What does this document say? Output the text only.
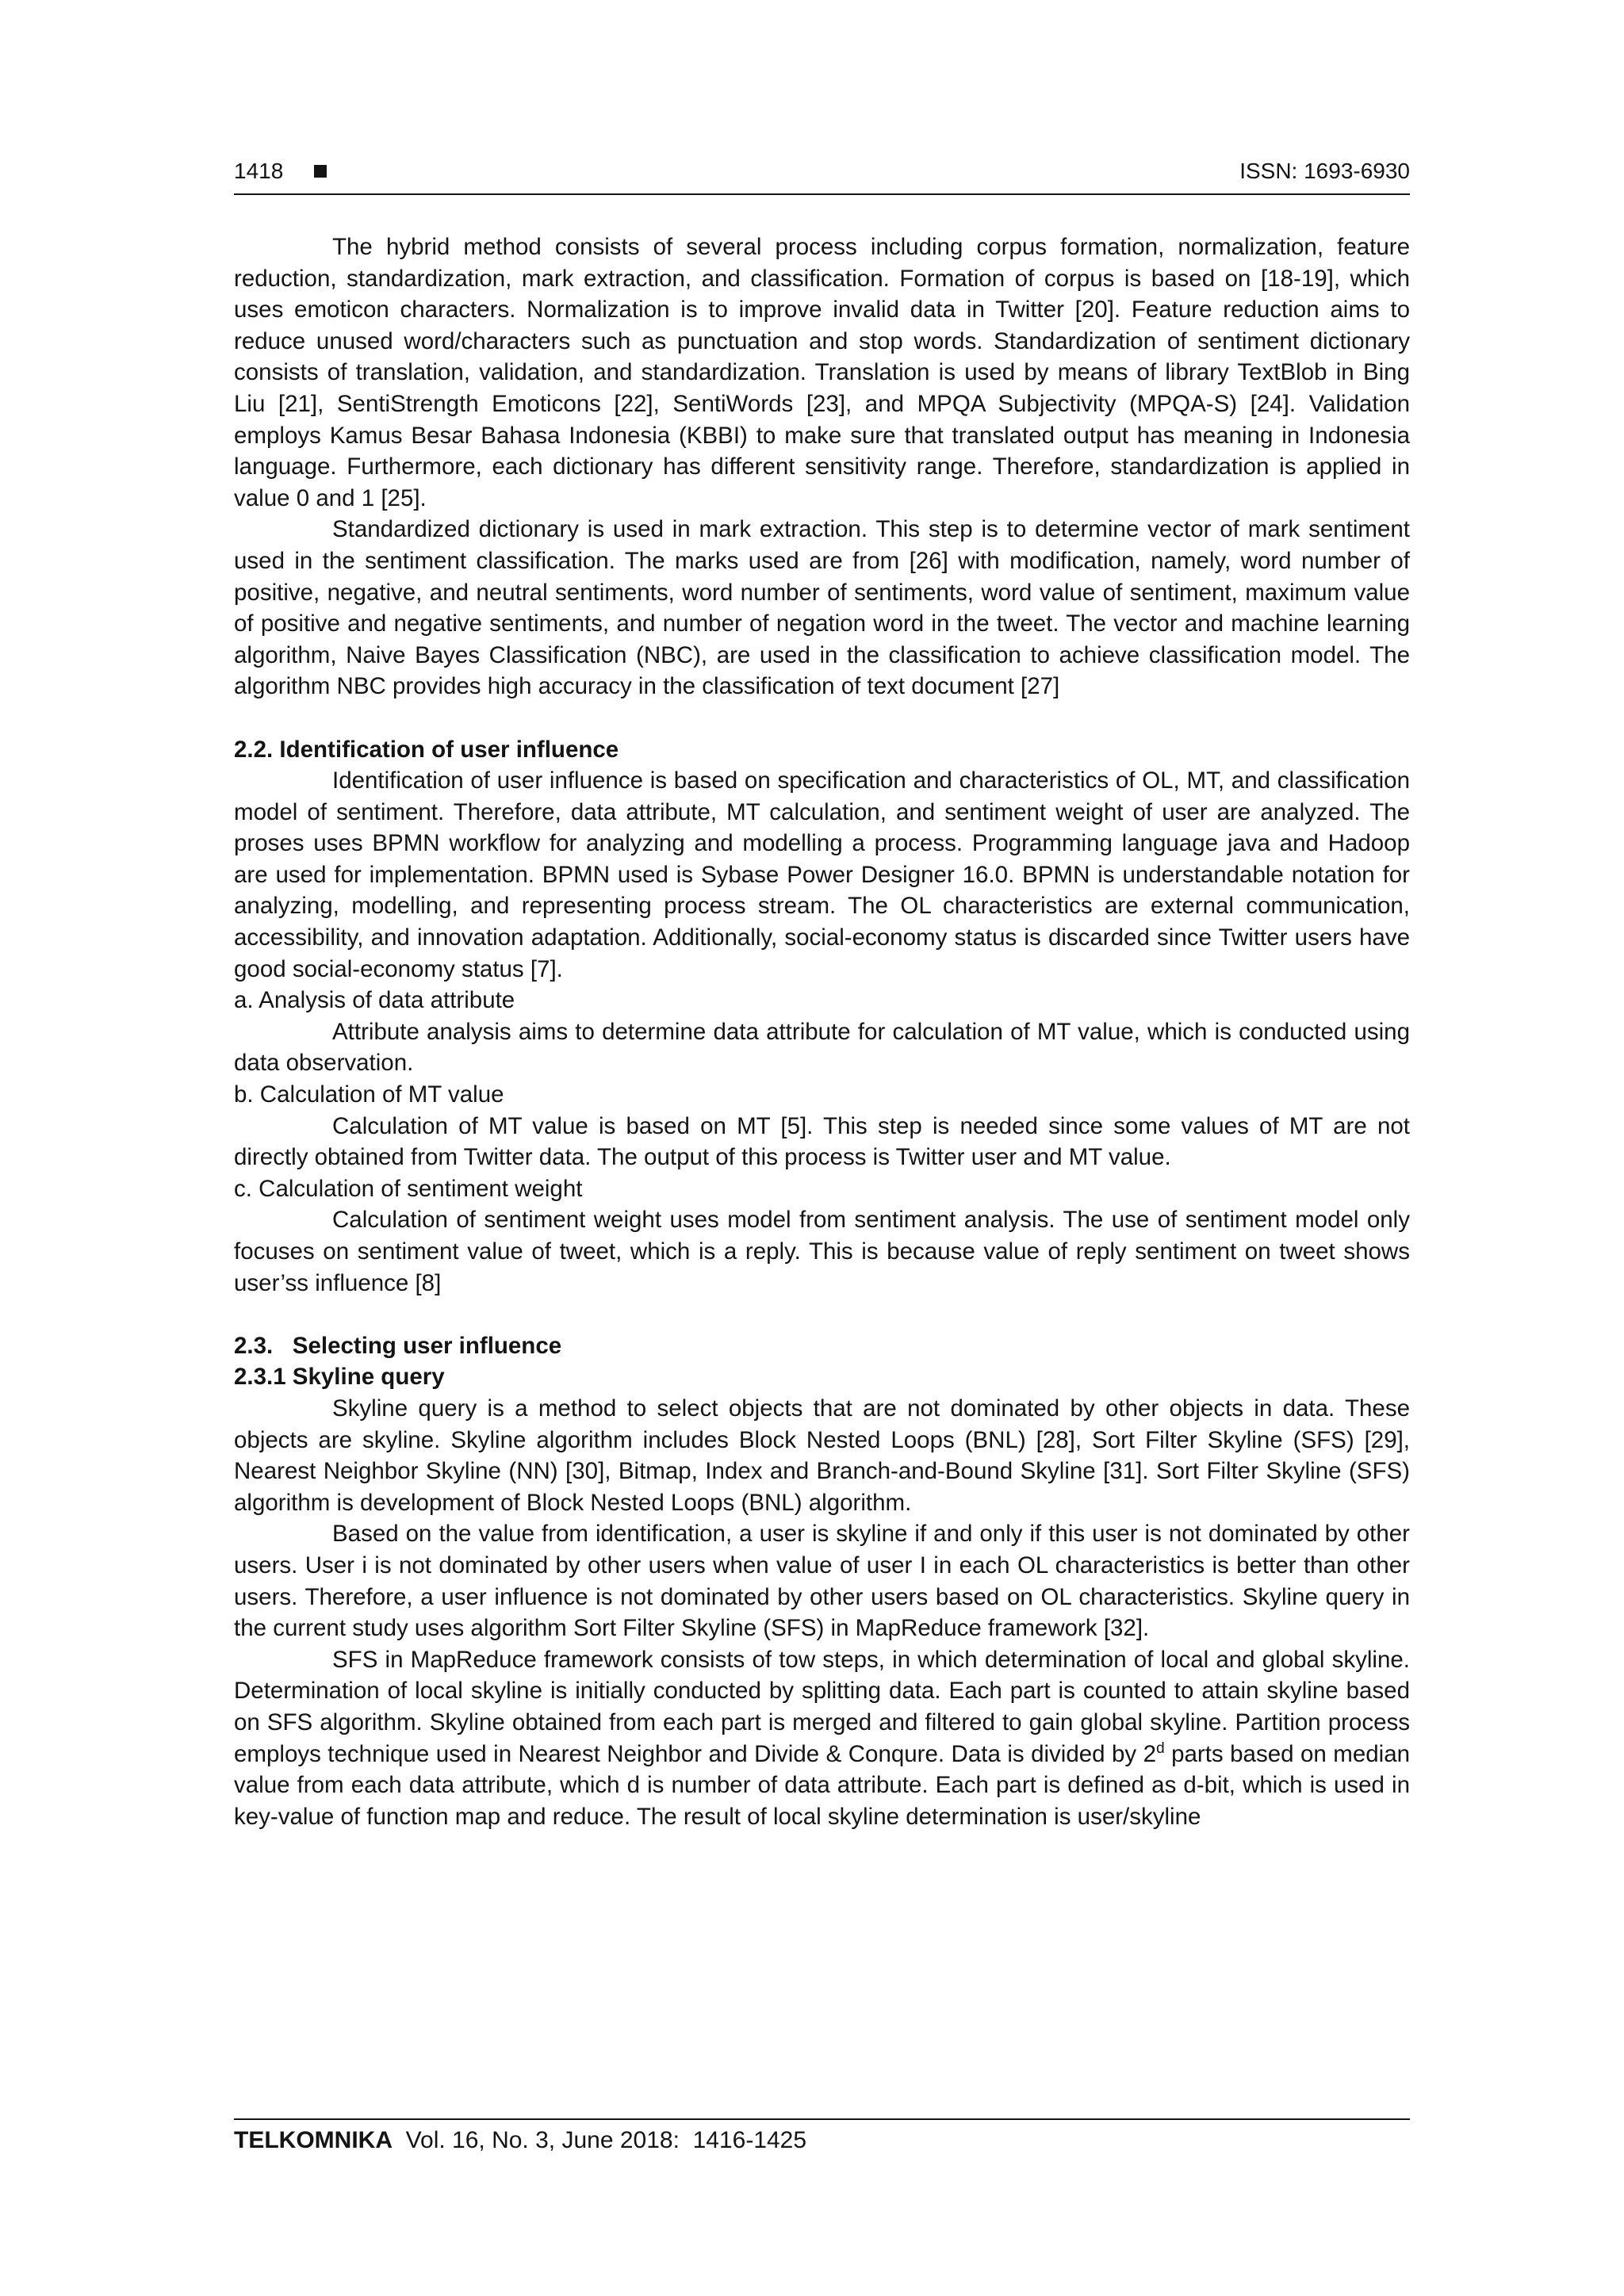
1418	ISSN: 1693-6930

The hybrid method consists of several process including corpus formation, normalization, feature reduction, standardization, mark extraction, and classification. Formation of corpus is based on [18-19], which uses emoticon characters. Normalization is to improve invalid data in Twitter [20]. Feature reduction aims to reduce unused word/characters such as punctuation and stop words. Standardization of sentiment dictionary consists of translation, validation, and standardization. Translation is used by means of library TextBlob in Bing Liu [21], SentiStrength Emoticons [22], SentiWords [23], and MPQA Subjectivity (MPQA-S) [24]. Validation employs Kamus Besar Bahasa Indonesia (KBBI) to make sure that translated output has meaning in Indonesia language. Furthermore, each dictionary has different sensitivity range. Therefore, standardization is applied in value 0 and 1 [25].

Standardized dictionary is used in mark extraction. This step is to determine vector of mark sentiment used in the sentiment classification. The marks used are from [26] with modification, namely, word number of positive, negative, and neutral sentiments, word number of sentiments, word value of sentiment, maximum value of positive and negative sentiments, and number of negation word in the tweet. The vector and machine learning algorithm, Naive Bayes Classification (NBC), are used in the classification to achieve classification model. The algorithm NBC provides high accuracy in the classification of text document [27]

2.2. Identification of user influence

Identification of user influence is based on specification and characteristics of OL, MT, and classification model of sentiment. Therefore, data attribute, MT calculation, and sentiment weight of user are analyzed. The proses uses BPMN workflow for analyzing and modelling a process. Programming language java and Hadoop are used for implementation. BPMN used is Sybase Power Designer 16.0. BPMN is understandable notation for analyzing, modelling, and representing process stream. The OL characteristics are external communication, accessibility, and innovation adaptation. Additionally, social-economy status is discarded since Twitter users have good social-economy status [7].

a. Analysis of data attribute

Attribute analysis aims to determine data attribute for calculation of MT value, which is conducted using data observation.

b. Calculation of MT value

Calculation of MT value is based on MT [5]. This step is needed since some values of MT are not directly obtained from Twitter data. The output of this process is Twitter user and MT value.

c. Calculation of sentiment weight

Calculation of sentiment weight uses model from sentiment analysis. The use of sentiment model only focuses on sentiment value of tweet, which is a reply. This is because value of reply sentiment on tweet shows user’ss influence [8]

2.3.   Selecting user influence
2.3.1 Skyline query

Skyline query is a method to select objects that are not dominated by other objects in data. These objects are skyline. Skyline algorithm includes Block Nested Loops (BNL) [28], Sort Filter Skyline (SFS) [29], Nearest Neighbor Skyline (NN) [30], Bitmap, Index and Branch-and-Bound Skyline [31]. Sort Filter Skyline (SFS) algorithm is development of Block Nested Loops (BNL) algorithm.

Based on the value from identification, a user is skyline if and only if this user is not dominated by other users. User i is not dominated by other users when value of user I in each OL characteristics is better than other users. Therefore, a user influence is not dominated by other users based on OL characteristics. Skyline query in the current study uses algorithm Sort Filter Skyline (SFS) in MapReduce framework [32].

SFS in MapReduce framework consists of tow steps, in which determination of local and global skyline. Determination of local skyline is initially conducted by splitting data. Each part is counted to attain skyline based on SFS algorithm. Skyline obtained from each part is merged and filtered to gain global skyline. Partition process employs technique used in Nearest Neighbor and Divide & Conqure. Data is divided by 2$^d$ parts based on median value from each data attribute, which d is number of data attribute. Each part is defined as d-bit, which is used in key-value of function map and reduce. The result of local skyline determination is user/skyline

TELKOMNIKA Vol. 16, No. 3, June 2018:  1416-1425
